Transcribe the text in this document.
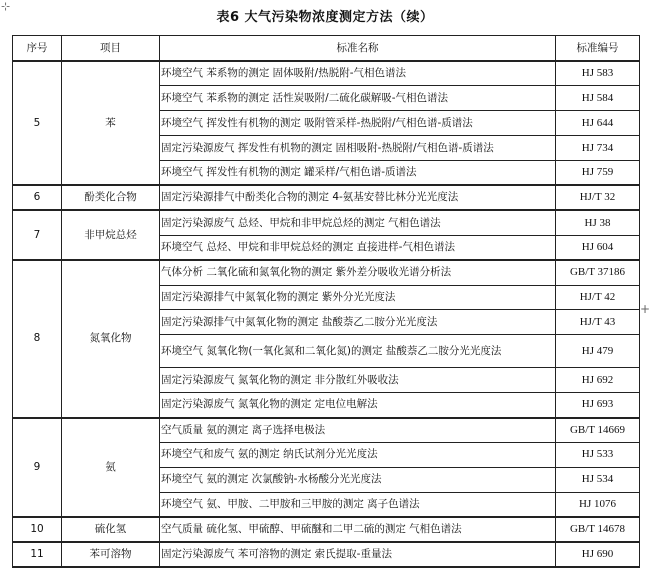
⊹
表6 大气污染物浓度测定方法（续）
+
序号	项目	标准名称	标准编号
5	苯	环境空气 苯系物的测定 固体吸附/热脱附-气相色谱法	HJ 583
		环境空气 苯系物的测定 活性炭吸附/二硫化碳解吸-气相色谱法	HJ 584
		环境空气 挥发性有机物的测定 吸附管采样-热脱附/气相色谱-质谱法	HJ 644
		固定污染源废气 挥发性有机物的测定 固相吸附-热脱附/气相色谱-质谱法	HJ 734
		环境空气 挥发性有机物的测定 罐采样/气相色谱-质谱法	HJ 759
6	酚类化合物	固定污染源排气中酚类化合物的测定 4-氨基安替比林分光光度法	HJ/T 32
7	非甲烷总烃	固定污染源废气 总烃、甲烷和非甲烷总烃的测定 气相色谱法	HJ 38
		环境空气 总烃、甲烷和非甲烷总烃的测定 直接进样-气相色谱法	HJ 604
8	氮氧化物	气体分析 二氧化硫和氮氧化物的测定 紫外差分吸收光谱分析法	GB/T 37186
		固定污染源排气中氮氧化物的测定 紫外分光光度法	HJ/T 42
		固定污染源排气中氮氧化物的测定 盐酸萘乙二胺分光光度法	HJ/T 43
		环境空气 氮氧化物(一氧化氮和二氧化氮)的测定 盐酸萘乙二胺分光光度法	HJ 479
		固定污染源废气 氮氧化物的测定 非分散红外吸收法	HJ 692
		固定污染源废气 氮氧化物的测定 定电位电解法	HJ 693
9	氨	空气质量 氨的测定 离子选择电极法	GB/T 14669
		环境空气和废气 氨的测定 纳氏试剂分光光度法	HJ 533
		环境空气 氨的测定 次氯酸钠-水杨酸分光光度法	HJ 534
		环境空气 氨、甲胺、二甲胺和三甲胺的测定 离子色谱法	HJ 1076
10	硫化氢	空气质量 硫化氢、甲硫醇、甲硫醚和二甲二硫的测定 气相色谱法	GB/T 14678
11	苯可溶物	固定污染源废气 苯可溶物的测定 索氏提取-重量法	HJ 690
